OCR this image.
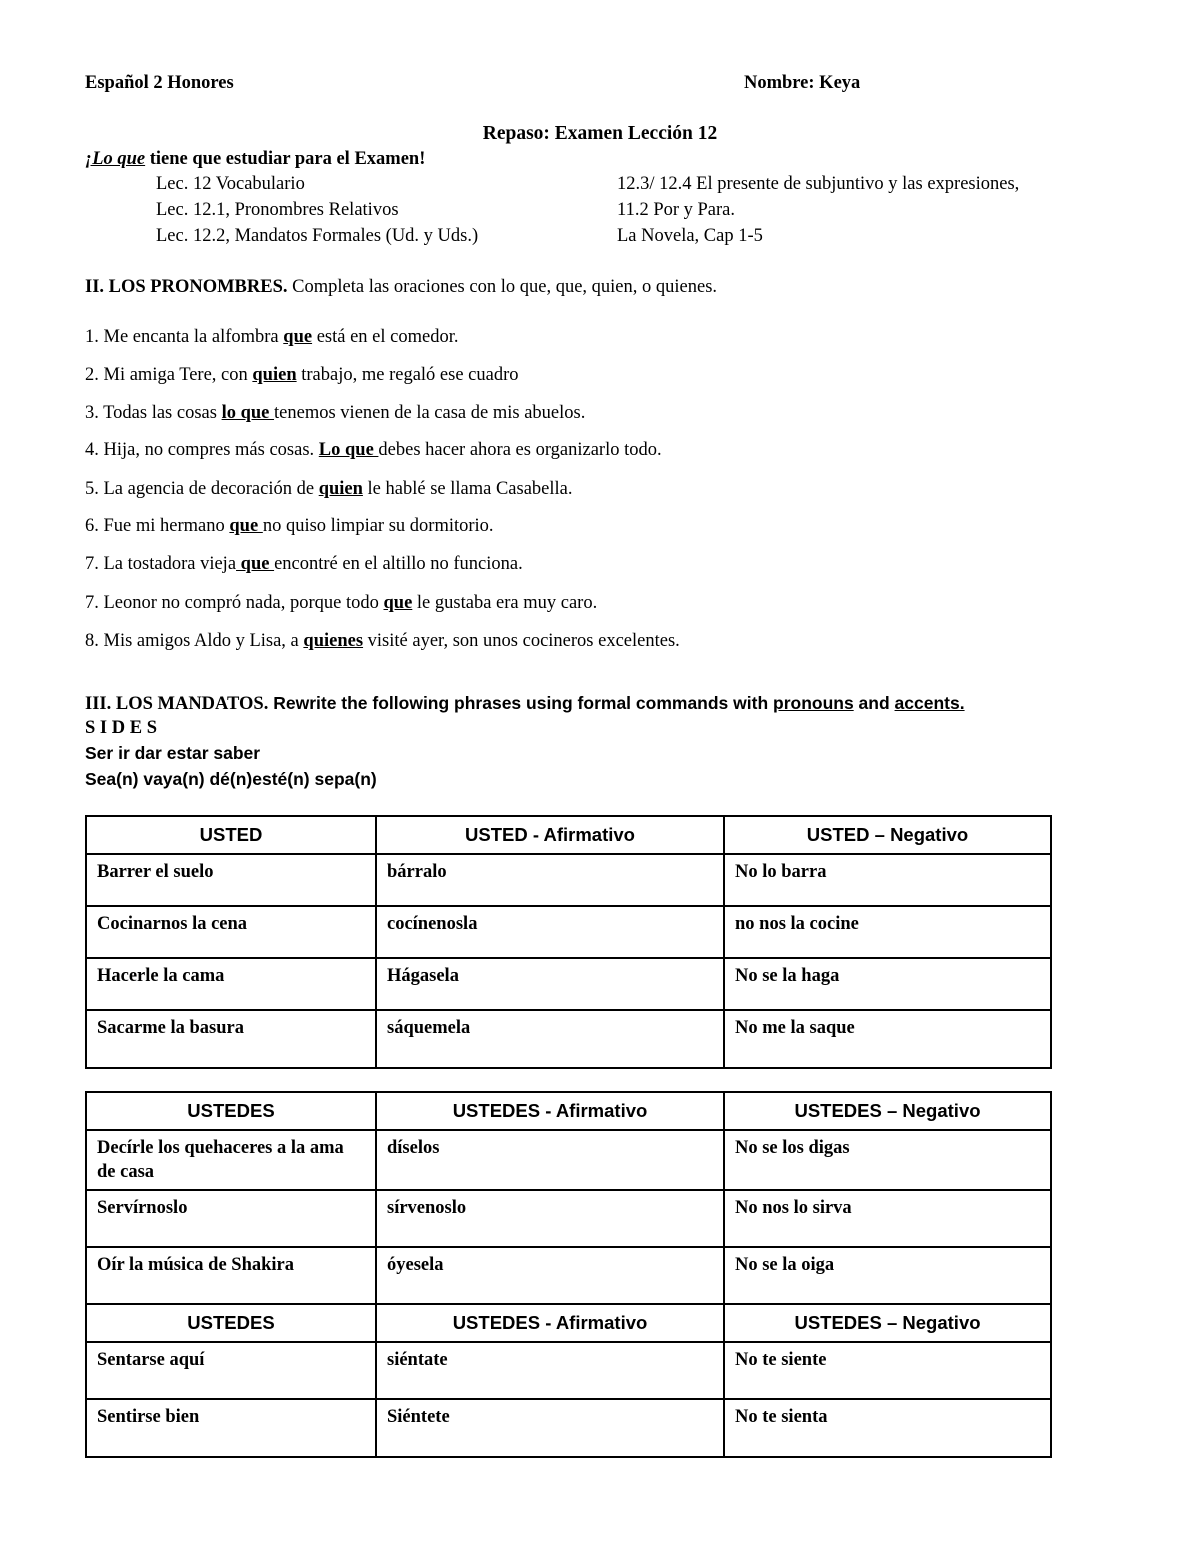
Español 2 Honores	Nombre: Keya
Repaso: Examen Lección 12
¡Lo que tiene que estudiar para el Examen!
Lec. 12 Vocabulario
Lec. 12.1, Pronombres Relativos
Lec. 12.2, Mandatos Formales (Ud. y Uds.)
12.3/ 12.4 El presente de subjuntivo y las expresiones,
11.2 Por y Para.
La Novela, Cap 1-5
II. LOS PRONOMBRES. Completa las oraciones con lo que, que, quien, o quienes.
1. Me encanta la alfombra que está en el comedor.
2. Mi amiga Tere, con quien trabajo, me regaló ese cuadro
3. Todas las cosas lo que tenemos vienen de la casa de mis abuelos.
4. Hija, no compres más cosas. Lo que debes hacer ahora es organizarlo todo.
5. La agencia de decoración de quien le hablé se llama Casabella.
6. Fue mi hermano que no quiso limpiar su dormitorio.
7. La tostadora vieja que encontré en el altillo no funciona.
7. Leonor no compró nada, porque todo que le gustaba era muy caro.
8. Mis amigos Aldo y Lisa, a quienes visité ayer, son unos cocineros excelentes.
III. LOS MANDATOS. Rewrite the following phrases using formal commands with pronouns and accents.
S I D E S
Ser ir dar estar saber
Sea(n) vaya(n) dé(n)esté(n) sepa(n)
USTED	USTED - Afirmativo	USTED – Negativo
Barrer el suelo	bárralo	No lo barra
Cocinarnos la cena	cocínenosla	no nos la cocine
Hacerle la cama	Hágasela	No se la haga
Sacarme la basura	sáquemela	No me la saque
USTEDES	USTEDES - Afirmativo	USTEDES – Negativo
Decírle los quehaceres a la ama de casa	díselos	No se los digas
Servírnoslo	sírvenoslo	No nos lo sirva
Oír la música de Shakira	óyesela	No se la oiga
USTEDES	USTEDES - Afirmativo	USTEDES – Negativo
Sentarse aquí	siéntate	No te siente
Sentirse bien	Siéntete	No te sienta
